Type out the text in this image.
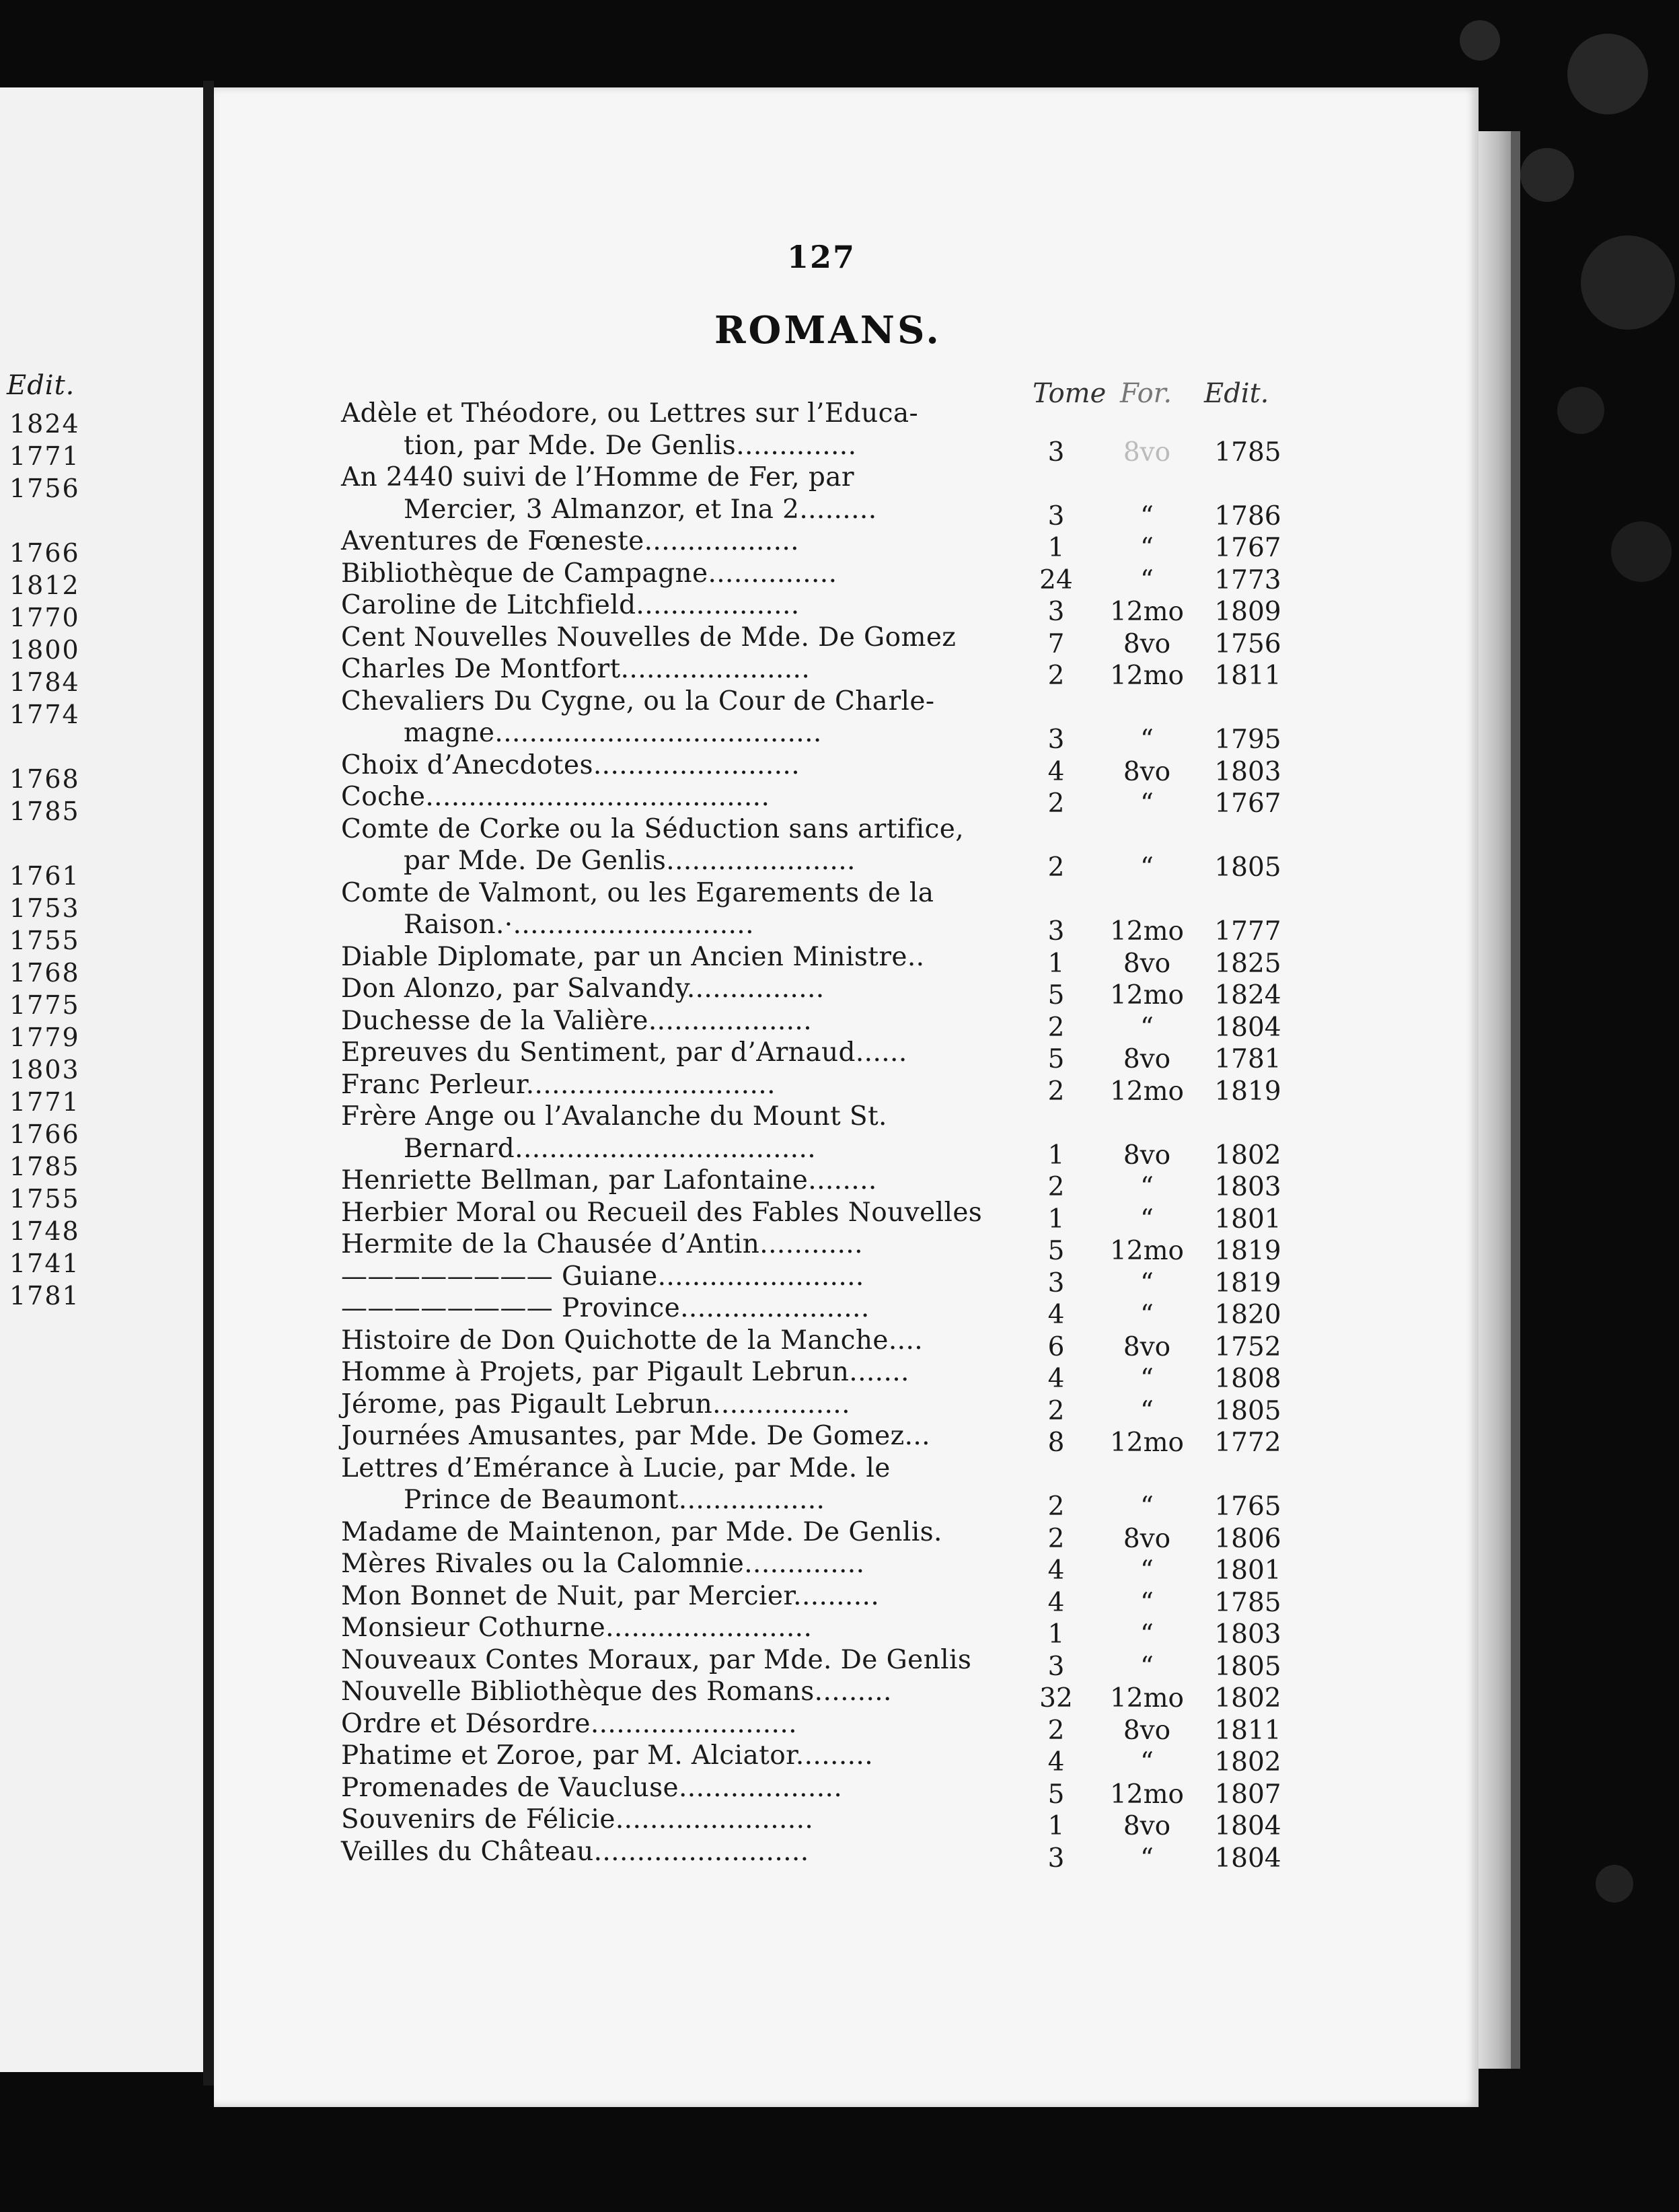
Edit.
1824
1771
1756
1766
1812
1770
1800
1784
1774
1768
1785
1761
1753
1755
1768
1775
1779
1803
1771
1766
1785
1755
1748
1741
1781
127
ROMANS.
Tome For. Edit.
Adèle et Théodore, ou Lettres sur l’Educa-
tion, par Mde. De Genlis..............	3	8vo	1785
An 2440 suivi de l’Homme de Fer, par
Mercier, 3 Almanzor, et Ina 2.........	3	“	1786
Aventures de Fœneste..................	1	“	1767
Bibliothèque de Campagne...............	24	“	1773
Caroline de Litchfield...................	3	12mo	1809
Cent Nouvelles Nouvelles de Mde. De Gomez	7	8vo	1756
Charles De Montfort......................	2	12mo	1811
Chevaliers Du Cygne, ou la Cour de Charle-
magne......................................	3	“	1795
Choix d’Anecdotes........................	4	8vo	1803
Coche........................................	2	“	1767
Comte de Corke ou la Séduction sans artifice,
par Mde. De Genlis......................	2	“	1805
Comte de Valmont, ou les Egarements de la
Raison.·............................	3	12mo	1777
Diable Diplomate, par un Ancien Ministre..	1	8vo	1825
Don Alonzo, par Salvandy................	5	12mo	1824
Duchesse de la Valière...................	2	“	1804
Epreuves du Sentiment, par d’Arnaud......	5	8vo	1781
Franc Perleur.............................	2	12mo	1819
Frère Ange ou l’Avalanche du Mount St.
Bernard...................................	1	8vo	1802
Henriette Bellman, par Lafontaine........	2	“	1803
Herbier Moral ou Recueil des Fables Nouvelles	1	“	1801
Hermite de la Chausée d’Antin............	5	12mo	1819
———————— Guiane........................	3	“	1819
———————— Province......................	4	“	1820
Histoire de Don Quichotte de la Manche....	6	8vo	1752
Homme à Projets, par Pigault Lebrun.......	4	“	1808
Jérome, pas Pigault Lebrun................	2	“	1805
Journées Amusantes, par Mde. De Gomez...	8	12mo	1772
Lettres d’Emérance à Lucie, par Mde. le
Prince de Beaumont.................	2	“	1765
Madame de Maintenon, par Mde. De Genlis.	2	8vo	1806
Mères Rivales ou la Calomnie..............	4	“	1801
Mon Bonnet de Nuit, par Mercier..........	4	“	1785
Monsieur Cothurne........................	1	“	1803
Nouveaux Contes Moraux, par Mde. De Genlis	3	“	1805
Nouvelle Bibliothèque des Romans.........	32	12mo	1802
Ordre et Désordre........................	2	8vo	1811
Phatime et Zoroe, par M. Alciator.........	4	“	1802
Promenades de Vaucluse...................	5	12mo	1807
Souvenirs de Félicie.......................	1	8vo	1804
Veilles du Château.........................	3	“	1804
